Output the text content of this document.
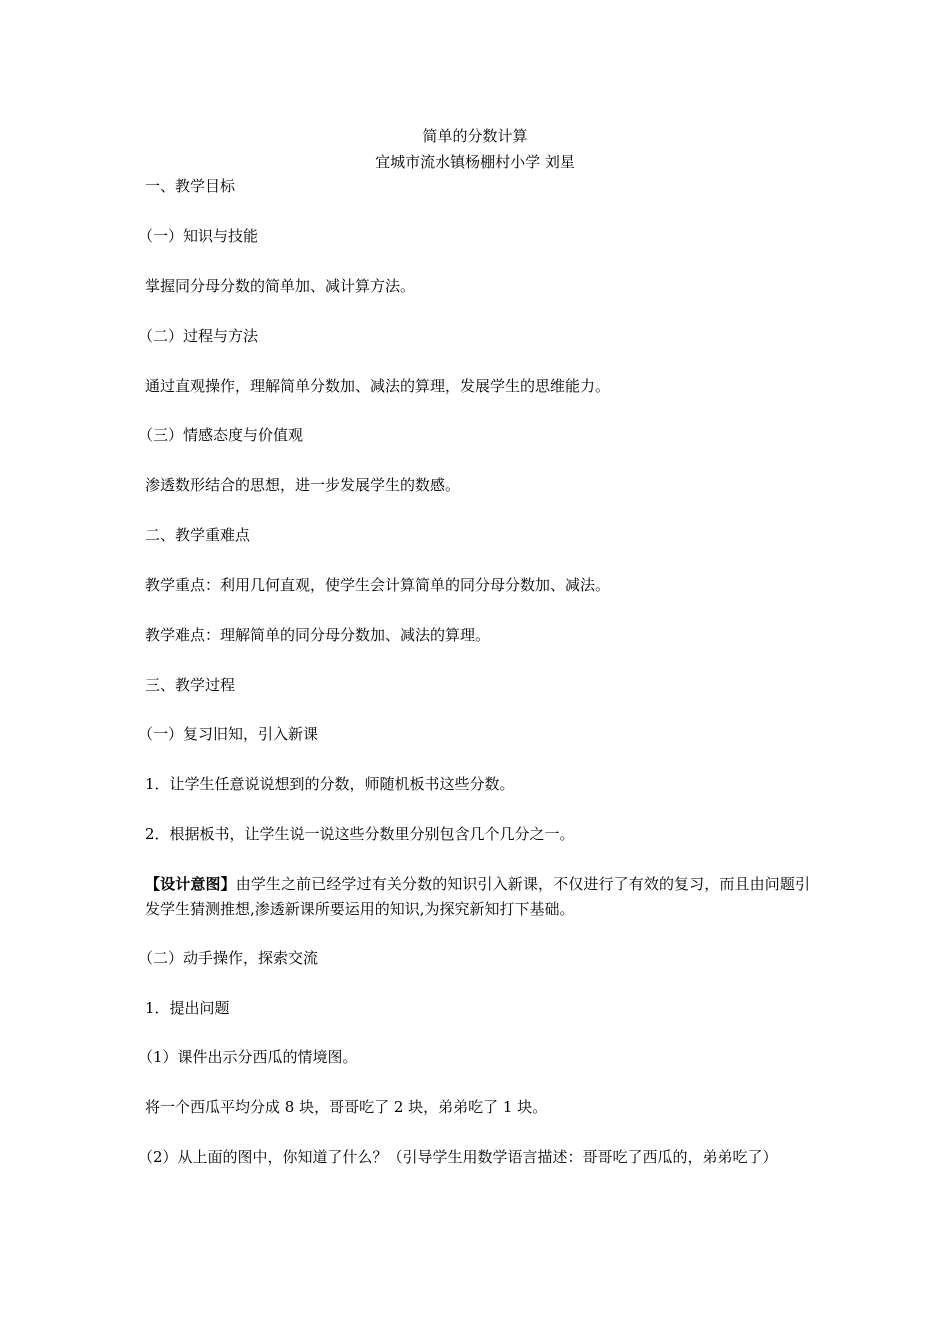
简单的分数计算
宜城市流水镇杨棚村小学 刘星
一、教学目标
（一）知识与技能
掌握同分母分数的简单加、减计算方法。
（二）过程与方法
通过直观操作，理解简单分数加、减法的算理，发展学生的思维能力。
（三）情感态度与价值观
渗透数形结合的思想，进一步发展学生的数感。
二、教学重难点
教学重点：利用几何直观，使学生会计算简单的同分母分数加、减法。
教学难点：理解简单的同分母分数加、减法的算理。
三、教学过程
（一）复习旧知，引入新课
1．让学生任意说说想到的分数，师随机板书这些分数。
2．根据板书，让学生说一说这些分数里分别包含几个几分之一。
【设计意图】由学生之前已经学过有关分数的知识引入新课，不仅进行了有效的复习，而且由问题引发学生猜测推想,渗透新课所要运用的知识,为探究新知打下基础。
（二）动手操作，探索交流
1．提出问题
（1）课件出示分西瓜的情境图。
将一个西瓜平均分成 8 块，哥哥吃了 2 块，弟弟吃了 1 块。
（2）从上面的图中，你知道了什么？（引导学生用数学语言描述：哥哥吃了西瓜的，弟弟吃了）
